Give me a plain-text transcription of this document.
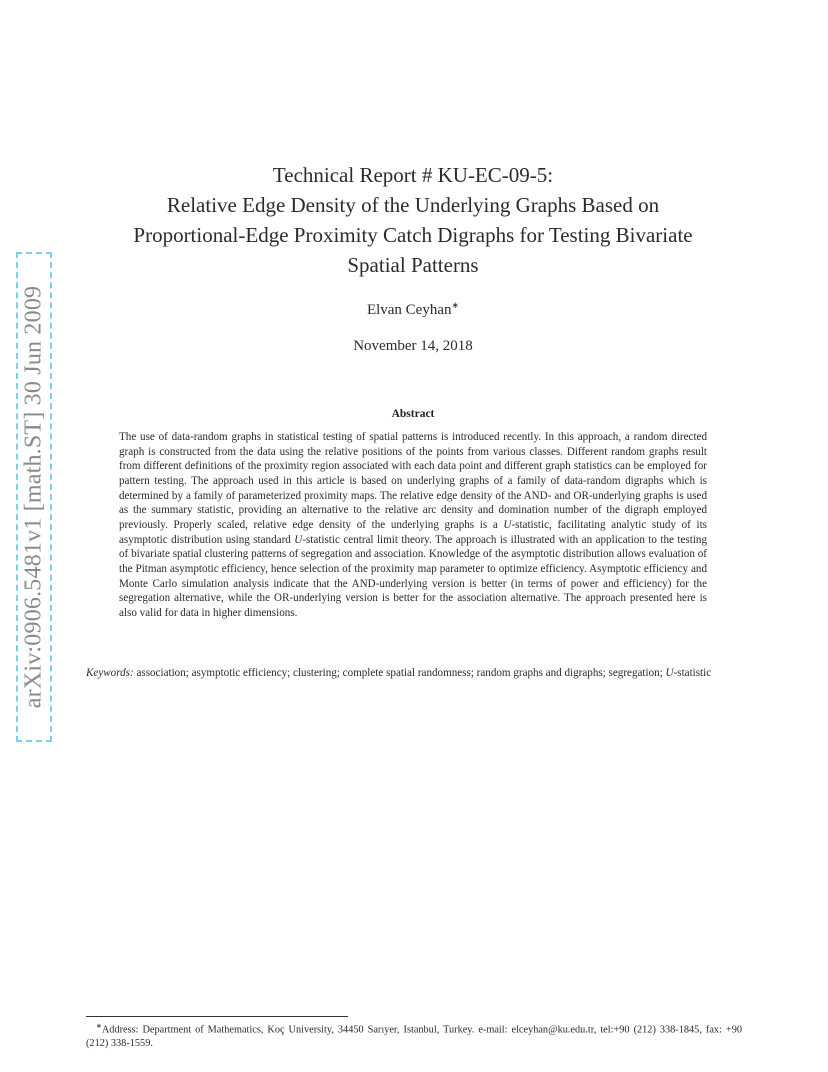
arXiv:0906.5481v1 [math.ST] 30 Jun 2009
Technical Report # KU-EC-09-5:
Relative Edge Density of the Underlying Graphs Based on
Proportional-Edge Proximity Catch Digraphs for Testing Bivariate
Spatial Patterns
Elvan Ceyhan∗
November 14, 2018
Abstract
The use of data-random graphs in statistical testing of spatial patterns is introduced recently. In this approach, a random directed graph is constructed from the data using the relative positions of the points from various classes. Different random graphs result from different definitions of the proximity region associated with each data point and different graph statistics can be employed for pattern testing. The approach used in this article is based on underlying graphs of a family of data-random digraphs which is determined by a family of parameterized proximity maps. The relative edge density of the AND- and OR-underlying graphs is used as the summary statistic, providing an alternative to the relative arc density and domination number of the digraph employed previously. Properly scaled, relative edge density of the underlying graphs is a U-statistic, facilitating analytic study of its asymptotic distribution using standard U-statistic central limit theory. The approach is illustrated with an application to the testing of bivariate spatial clustering patterns of segregation and association. Knowledge of the asymptotic distribution allows evaluation of the Pitman asymptotic efficiency, hence selection of the proximity map parameter to optimize efficiency. Asymptotic efficiency and Monte Carlo simulation analysis indicate that the AND-underlying version is better (in terms of power and efficiency) for the segregation alternative, while the OR-underlying version is better for the association alternative. The approach presented here is also valid for data in higher dimensions.
Keywords: association; asymptotic efficiency; clustering; complete spatial randomness; random graphs and digraphs; segregation; U-statistic
∗Address: Department of Mathematics, Koç University, 34450 Sarıyer, Istanbul, Turkey. e-mail: elceyhan@ku.edu.tr, tel:+90 (212) 338-1845, fax: +90 (212) 338-1559.
